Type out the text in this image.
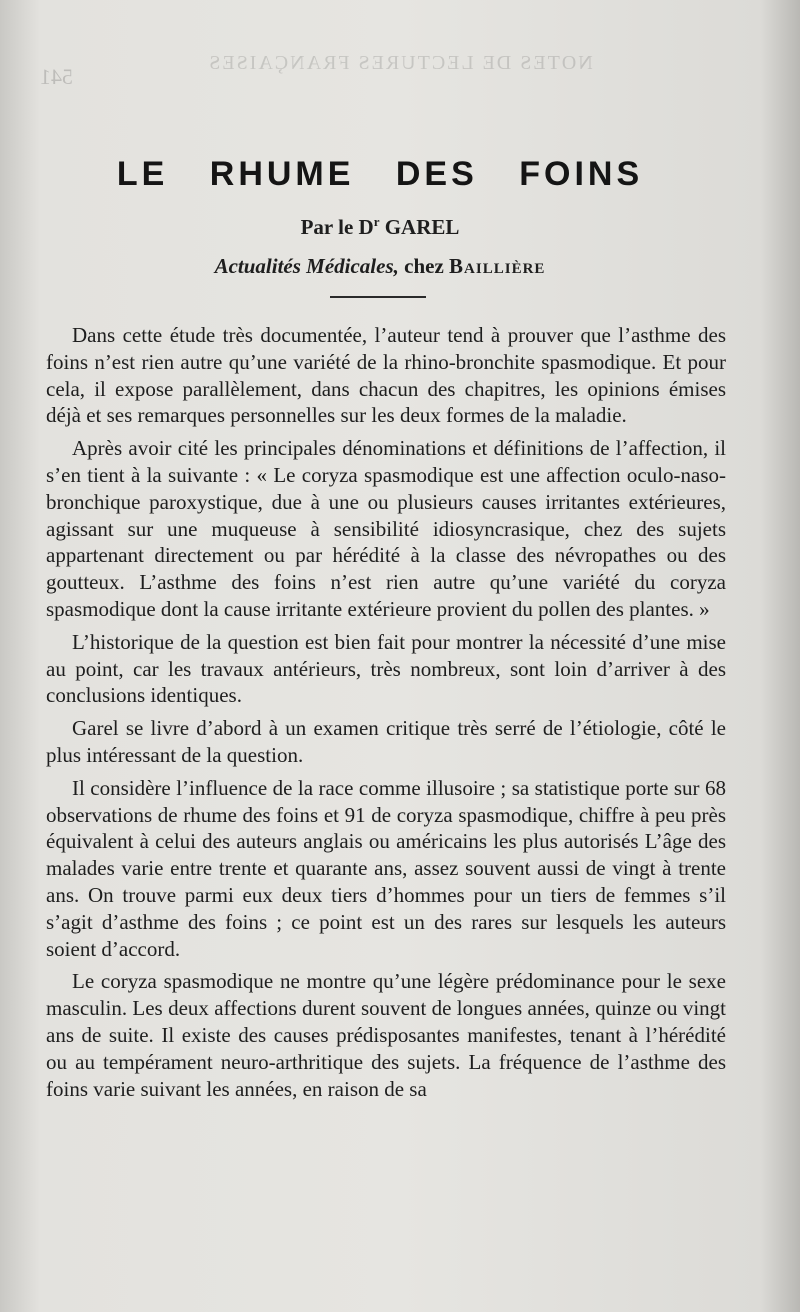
541
NOTES DE LECTURES FRANÇAISES
LE RHUME DES FOINS
Par le $D^r$ GAREL
Actualités Médicales, chez Baillière

Dans cette étude très documentée, l’auteur tend à prouver que l’asthme des foins n’est rien autre qu’une variété de la rhino-bronchite spasmodique. Et pour cela, il expose parallèlement, dans chacun des chapitres, les opinions émises déjà et ses remarques personnelles sur les deux formes de la maladie.

Après avoir cité les principales dénominations et définitions de l’affection, il s’en tient à la suivante : « Le coryza spasmodique est une affection oculo-naso-bronchique paroxystique, due à une ou plusieurs causes irritantes extérieures, agissant sur une muqueuse à sensibilité idiosyncrasique, chez des sujets appartenant directement ou par hérédité à la classe des névropathes ou des goutteux. L’asthme des foins n’est rien autre qu’une variété du coryza spasmodique dont la cause irritante extérieure provient du pollen des plantes. »

L’historique de la question est bien fait pour montrer la nécessité d’une mise au point, car les travaux antérieurs, très nombreux, sont loin d’arriver à des conclusions identiques.

Garel se livre d’abord à un examen critique très serré de l’étiologie, côté le plus intéressant de la question.

Il considère l’influence de la race comme illusoire ; sa statistique porte sur 68 observations de rhume des foins et 91 de coryza spasmodique, chiffre à peu près équivalent à celui des auteurs anglais ou américains les plus autorisés L’âge des malades varie entre trente et quarante ans, assez souvent aussi de vingt à trente ans. On trouve parmi eux deux tiers d’hommes pour un tiers de femmes s’il s’agit d’asthme des foins ; ce point est un des rares sur lesquels les auteurs soient d’accord.

Le coryza spasmodique ne montre qu’une légère prédominance pour le sexe masculin. Les deux affections durent souvent de longues années, quinze ou vingt ans de suite. Il existe des causes prédisposantes manifestes, tenant à l’hérédité ou au tempérament neuro-arthritique des sujets. La fréquence de l’asthme des foins varie suivant les années, en raison de sa
